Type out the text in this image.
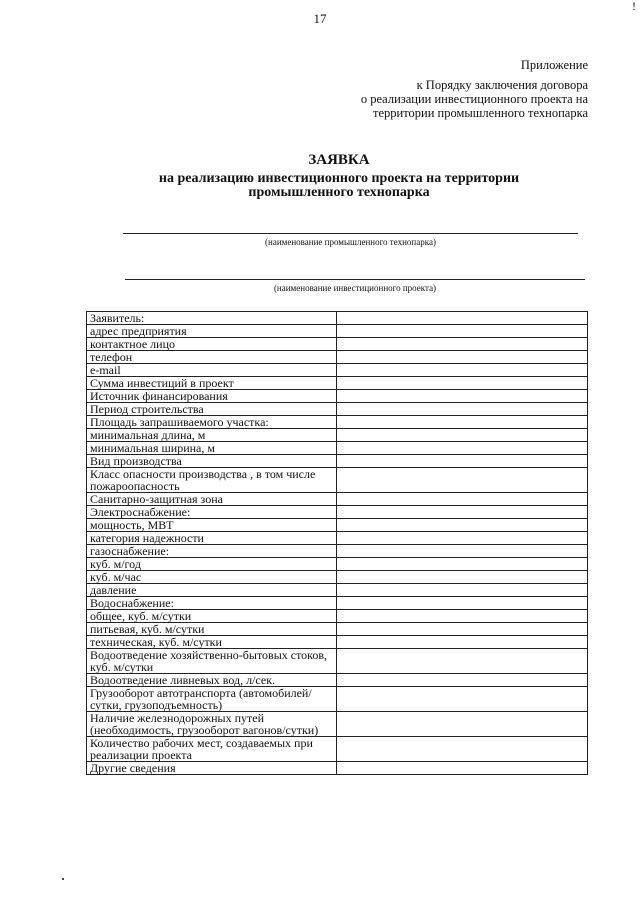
17
!
Приложение
к Порядку заключения договора
о реализации инвестиционного проекта на
территории промышленного технопарка
ЗАЯВКА
на реализацию инвестиционного проекта на территории
промышленного технопарка
(наименование промышленного технопарка)
(наименование инвестиционного проекта)
Заявитель:	
адрес предприятия	
контактное лицо	
телефон	
e-mail	
Сумма инвестиций в проект	
Источник финансирования	
Период строительства	
Площадь запрашиваемого участка:	
минимальная длина, м	
минимальная ширина, м	
Вид производства	
Класс опасности производства , в том числе пожароопасность	
Санитарно-защитная зона	
Электроснабжение:	
мощность, МВТ	
категория надежности	
газоснабжение:	
куб. м/год	
куб. м/час	
давление	
Водоснабжение:	
общее, куб. м/сутки	
питьевая, куб. м/сутки	
техническая, куб. м/сутки	
Водоотведение хозяйственно-бытовых стоков, куб. м/сутки	
Водоотведение ливневых вод, л/сек.	
Грузооборот автотранспорта (автомобилей/сутки, грузоподъемность)	
Наличие железнодорожных путей (необходимость, грузооборот вагонов/сутки)	
Количество рабочих мест, создаваемых при реализации проекта	
Другие сведения	
